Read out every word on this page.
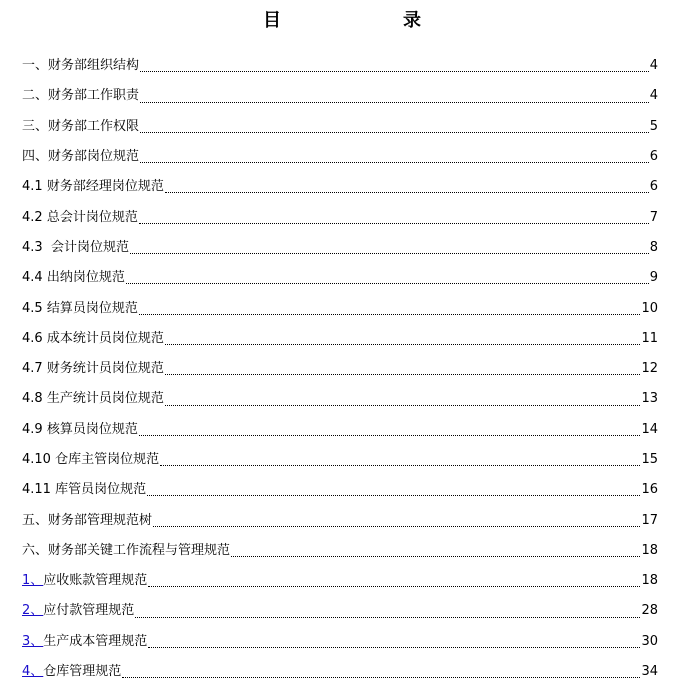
目	录
一、财务部组织结构	4
二、财务部工作职责	4
三、财务部工作权限	5
四、财务部岗位规范	6
4.1 财务部经理岗位规范	6
4.2 总会计岗位规范	7
4.3 会计岗位规范	8
4.4 出纳岗位规范	9
4.5 结算员岗位规范	10
4.6 成本统计员岗位规范	11
4.7 财务统计员岗位规范	12
4.8 生产统计员岗位规范	13
4.9 核算员岗位规范	14
4.10 仓库主管岗位规范	15
4.11 库管员岗位规范	16
五、财务部管理规范树	17
六、财务部关键工作流程与管理规范	18
1、 应收账款管理规范	18
2、 应付款管理规范	28
3、 生产成本管理规范	30
4、 仓库管理规范	34
